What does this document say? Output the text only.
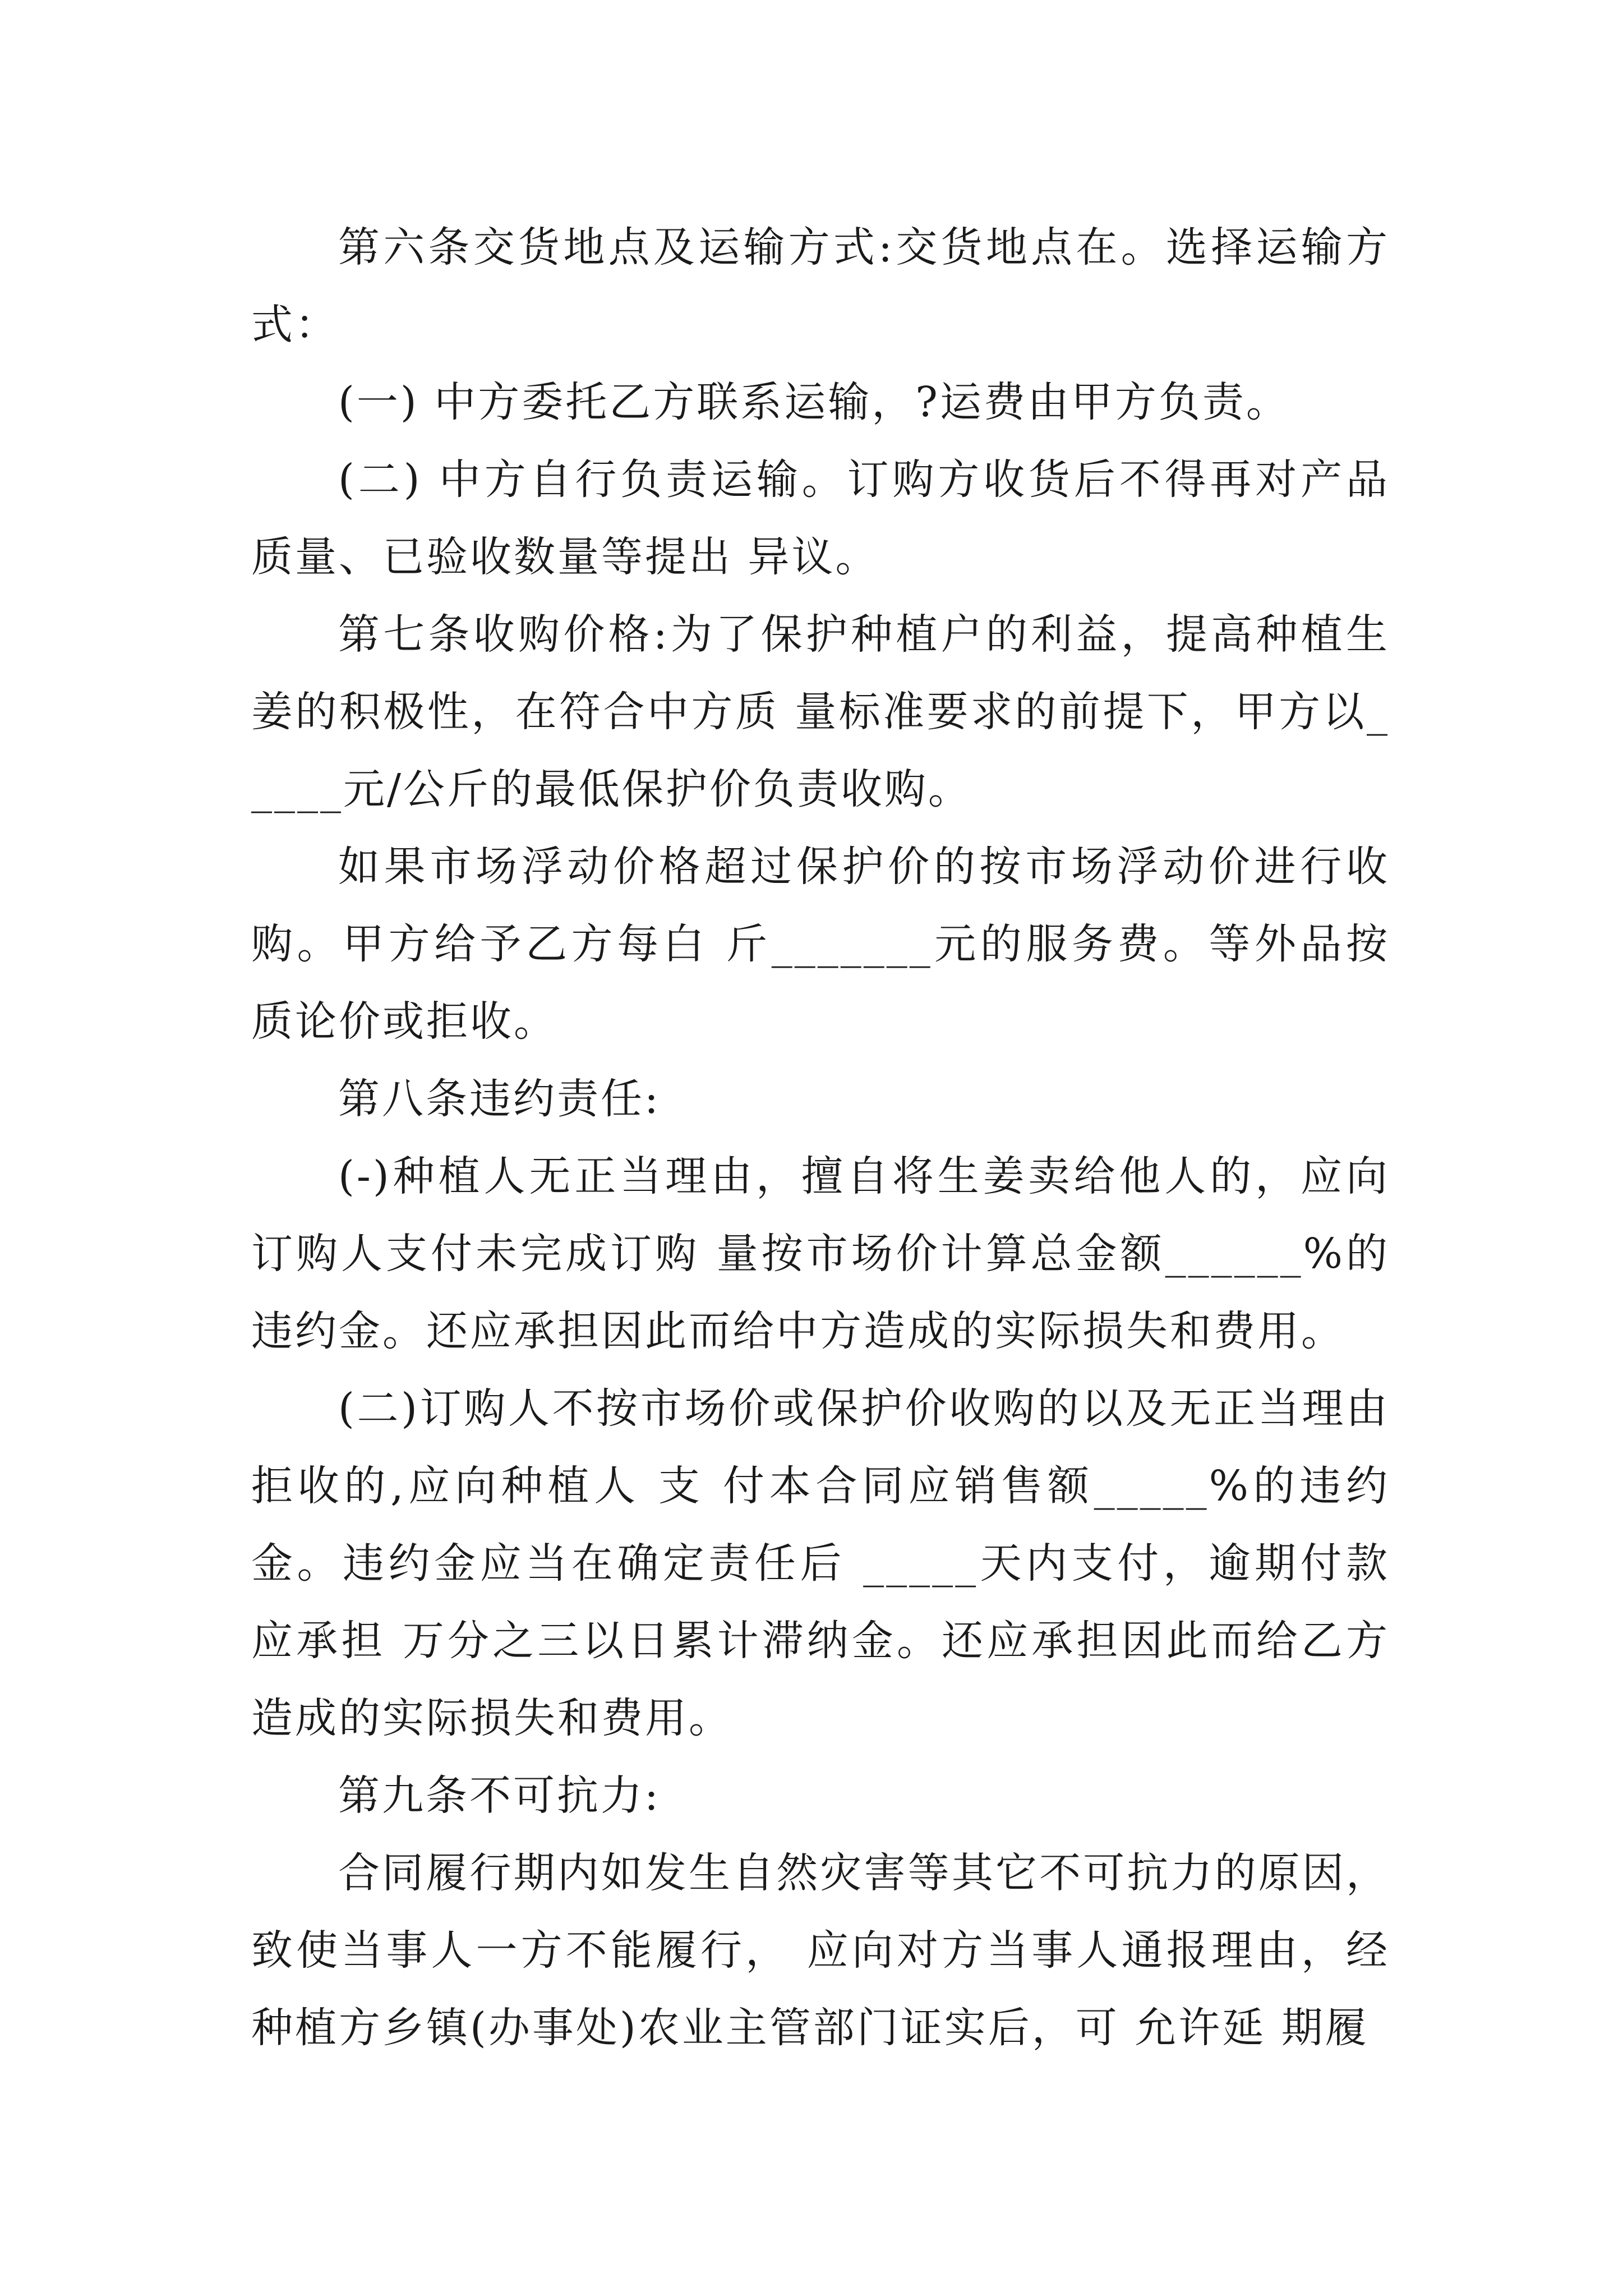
第六条交货地点及运输方式:交货地点在。选择运输方式：

(一) 中方委托乙方联系运输，?运费由甲方负责。

(二) 中方自行负责运输。订购方收货后不得再对产品质量、已验收数量等提出 异议。

第七条收购价格:为了保护种植户的利益，提高种植生姜的积极性，在符合中方质 量标准要求的前提下，甲方以_____元/公斤的最低保护价负责收购。

如果市场浮动价格超过保护价的按市场浮动价进行收购。甲方给予乙方每白 斤_______元的服务费。等外品按质论价或拒收。

第八条违约责任:

(-)种植人无正当理由，擅自将生姜卖给他人的，应向订购人支付未完成订购 量按市场价计算总金额______%的违约金。还应承担因此而给中方造成的实际损失和费用。

(二)订购人不按市场价或保护价收购的以及无正当理由拒收的,应向种植人 支 付本合同应销售额_____%的违约金。违约金应当在确定责任后 _____天内支付，逾期付款 应承担 万分之三以日累计滞纳金。还应承担因此而给乙方造成的实际损失和费用。

第九条不可抗力:

合同履行期内如发生自然灾害等其它不可抗力的原因，致使当事人一方不能履行， 应向对方当事人通报理由，经种植方乡镇(办事处)农业主管部门证实后，可 允许延 期履
